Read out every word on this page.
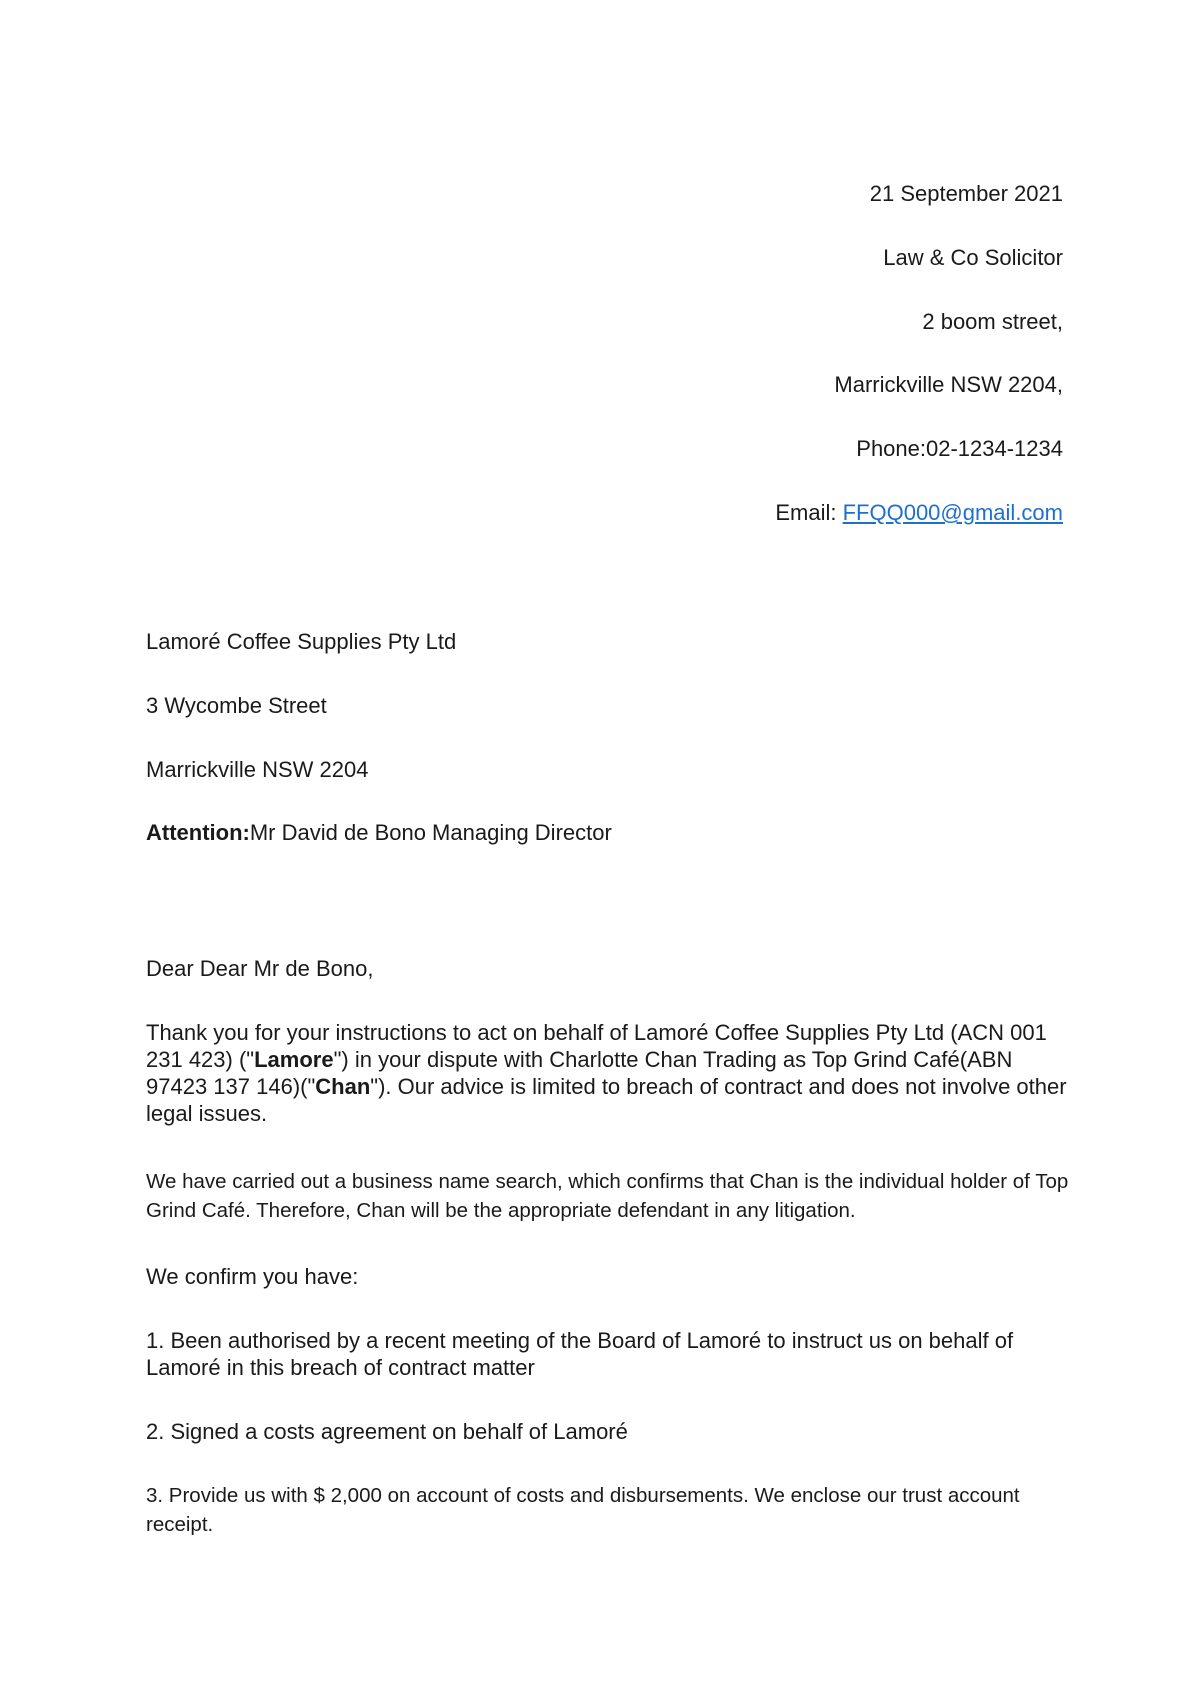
21 September 2021
Law & Co Solicitor
2 boom street,
Marrickville NSW 2204,
Phone:02-1234-1234
Email: FFQQ000@gmail.com
Lamoré Coffee Supplies Pty Ltd
3 Wycombe Street
Marrickville NSW 2204
Attention:Mr David de Bono Managing Director
Dear Dear Mr de Bono,
Thank you for your instructions to act on behalf of Lamoré Coffee Supplies Pty Ltd (ACN 001 231 423) ("Lamore") in your dispute with Charlotte Chan Trading as Top Grind Café(ABN 97423 137 146)("Chan"). Our advice is limited to breach of contract and does not involve other legal issues.
We have carried out a business name search, which confirms that Chan is the individual holder of Top Grind Café. Therefore, Chan will be the appropriate defendant in any litigation.
We confirm you have:
1. Been authorised by a recent meeting of the Board of Lamoré to instruct us on behalf of Lamoré in this breach of contract matter
2. Signed a costs agreement on behalf of Lamoré
3. Provide us with $ 2,000 on account of costs and disbursements. We enclose our trust account receipt.
